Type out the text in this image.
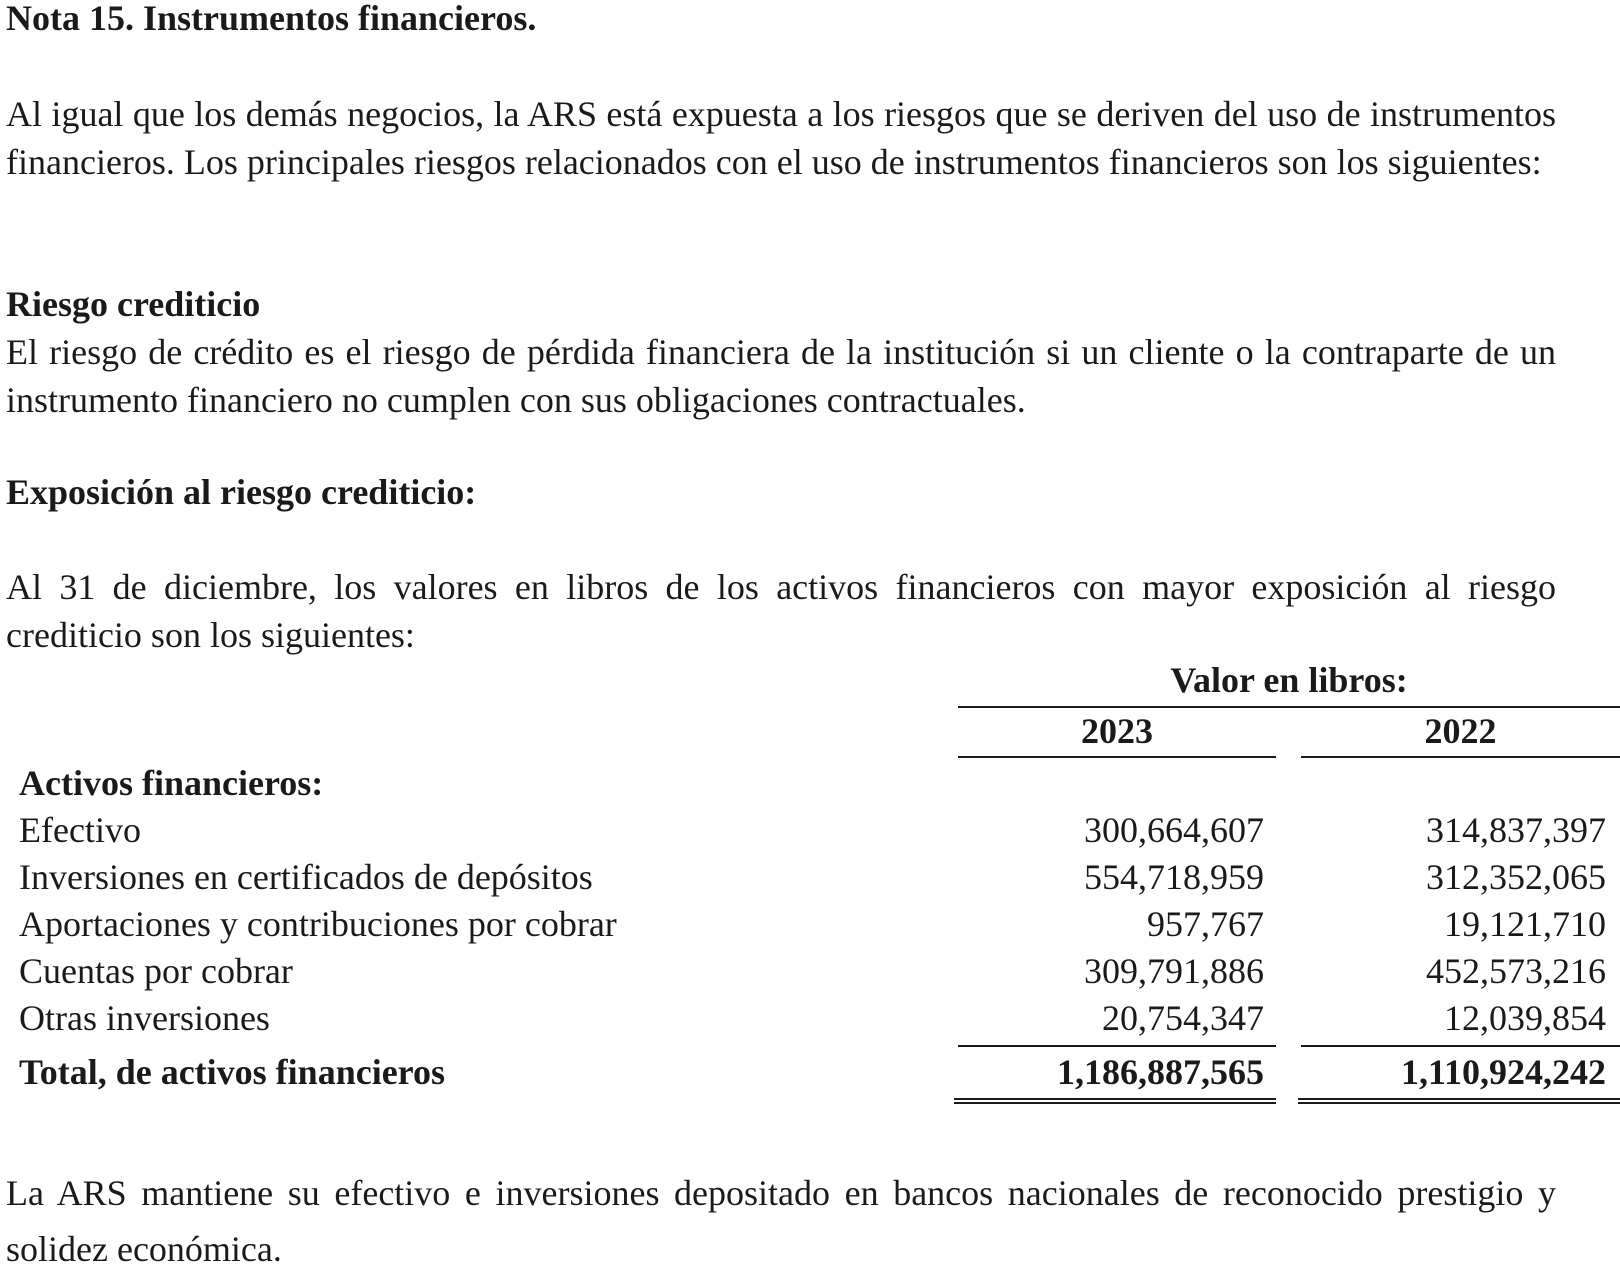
Nota 15. Instrumentos financieros.

Al igual que los demás negocios, la ARS está expuesta a los riesgos que se deriven del uso de instrumentos financieros. Los principales riesgos relacionados con el uso de instrumentos financieros son los siguientes:

Riesgo crediticio

El riesgo de crédito es el riesgo de pérdida financiera de la institución si un cliente o la contraparte de un instrumento financiero no cumplen con sus obligaciones contractuales.

Exposición al riesgo crediticio:

Al 31 de diciembre, los valores en libros de los activos financieros con mayor exposición al riesgo crediticio son los siguientes:

Valor en libros:
2023	2022
Activos financieros:
Efectivo	300,664,607	314,837,397
Inversiones en certificados de depósitos	554,718,959	312,352,065
Aportaciones y contribuciones por cobrar	957,767	19,121,710
Cuentas por cobrar	309,791,886	452,573,216
Otras inversiones	20,754,347	12,039,854
Total, de activos financieros	1,186,887,565	1,110,924,242

La ARS mantiene su efectivo e inversiones depositado en bancos nacionales de reconocido prestigio y solidez económica.
